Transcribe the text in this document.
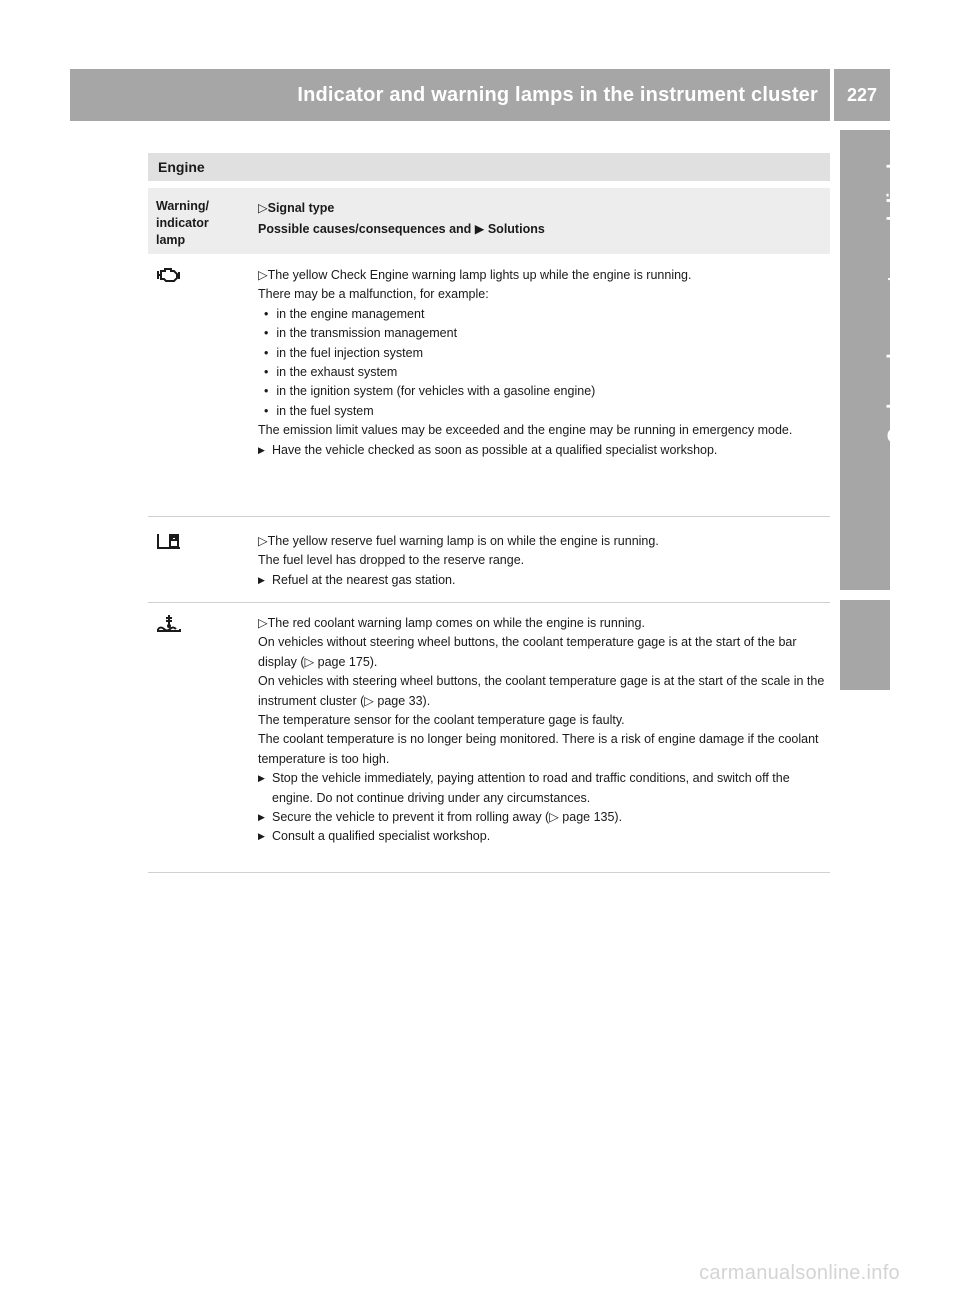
Indicator and warning lamps in the instrument cluster	227
On-board computer and displays
Engine
Warning/ indicator lamp
▷ Signal type
Possible causes/consequences and ▶ Solutions

▷ The yellow Check Engine warning lamp lights up while the engine is running.

There may be a malfunction, for example:

• in the engine management

• in the transmission management

• in the fuel injection system

• in the exhaust system

• in the ignition system (for vehicles with a gasoline engine)

• in the fuel system

The emission limit values may be exceeded and the engine may be running in emergency mode.

▶ Have the vehicle checked as soon as possible at a qualified specialist workshop.

▷ The yellow reserve fuel warning lamp is on while the engine is running.

The fuel level has dropped to the reserve range.

▶ Refuel at the nearest gas station.

▷ The red coolant warning lamp comes on while the engine is running.

On vehicles without steering wheel buttons, the coolant temperature gage is at the start of the bar display (▷ page 175).

On vehicles with steering wheel buttons, the coolant temperature gage is at the start of the scale in the instrument cluster (▷ page 33).

The temperature sensor for the coolant temperature gage is faulty.

The coolant temperature is no longer being monitored. There is a risk of engine damage if the coolant temperature is too high.

▶ Stop the vehicle immediately, paying attention to road and traffic conditions, and switch off the engine. Do not continue driving under any circumstances.

▶ Secure the vehicle to prevent it from rolling away (▷ page 135).

▶ Consult a qualified specialist workshop.

carmanualsonline.info
